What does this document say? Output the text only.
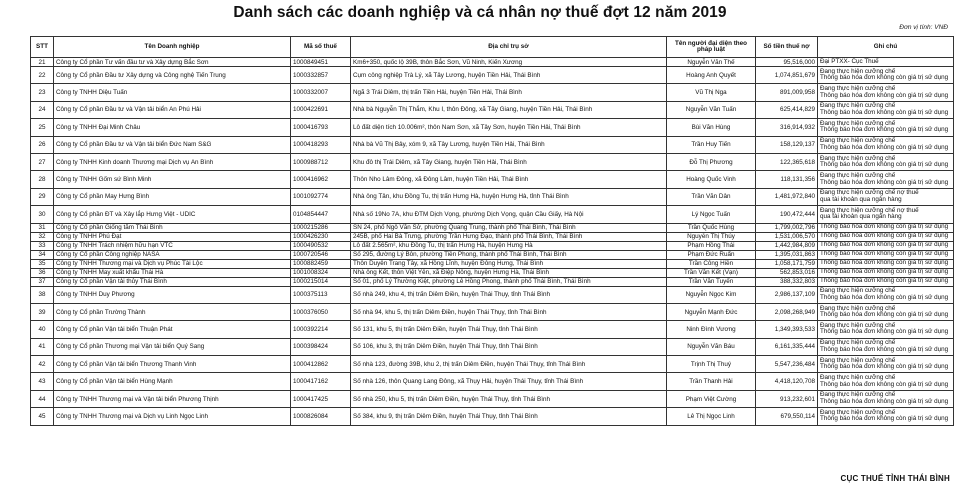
Danh sách các doanh nghiệp và cá nhân nợ thuế đợt 12 năm 2019
Đơn vị tính: VNĐ
STT	Tên Doanh nghiệp	Mã số thuế	Địa chỉ trụ sở	Tên người đại diện theo pháp luật	Số tiền thuế nợ	Ghi chú
21	Công ty Cổ phần Tư vấn đầu tư và Xây dựng Bắc Sơn	1000849451	Km6+350, quốc lộ 39B, thôn Bắc Sơn, Vũ Ninh, Kiến Xương	Nguyễn Văn Thế	95,516,000	Đại PTXX- Cục Thuế

22	Công ty Cổ phần Đầu tư Xây dựng và Công nghệ Tiến Trung	1000332857	Cụm công nghiệp Trà Lý, xã Tây Lương, huyện Tiền Hải, Thái Bình	Hoàng Anh Quyết	1,074,851,679	Đang thực hiện cưỡng chế
Thông báo hóa đơn không còn giá trị sử dụng

23	Công ty TNHH Diệu Tuấn	1000332007	Ngã 3 Trái Diêm, thị trấn Tiền Hải, huyện Tiền Hải, Thái Bình	Vũ Thị Nga	891,009,958	Đang thực hiện cưỡng chế
Thông báo hóa đơn không còn giá trị sử dụng

24	Công ty Cổ phần Đầu tư và Vận tải biển An Phú Hải	1000422691	Nhà bà Nguyễn Thị Thắm, Khu I, thôn Đông, xã Tây Giang, huyện Tiền Hải, Thái Bình	Nguyễn Văn Tuấn	625,414,829	Đang thực hiện cưỡng chế
Thông báo hóa đơn không còn giá trị sử dụng

25	Công ty TNHH Đại Minh Châu	1000416793	Lô đất diện tích 10.006m², thôn Nam Sơn, xã Tây Sơn, huyện Tiền Hải, Thái Bình	Bùi Văn Hùng	316,914,932	Đang thực hiện cưỡng chế
Thông báo hóa đơn không còn giá trị sử dụng

26	Công ty Cổ phần Đầu tư và Vận tải biển Đức Nam S&G	1000418293	Nhà bà Vũ Thị Bảy, xóm 9, xã Tây Lương, huyện Tiền Hải, Thái Bình	Trần Huy Tiến	158,129,137	Đang thực hiện cưỡng chế
Thông báo hóa đơn không còn giá trị sử dụng

27	Công ty TNHH Kinh doanh Thương mại Dịch vụ An Bình	1000988712	Khu đô thị Trái Diêm, xã Tây Giang, huyện Tiền Hải, Thái Bình	Đỗ Thị Phương	122,365,618	Đang thực hiện cưỡng chế
Thông báo hóa đơn không còn giá trị sử dụng

28	Công ty TNHH Gốm sứ Bình Minh	1000416962	Thôn Nho Lâm Đông, xã Đông Lâm, huyện Tiền Hải, Thái Bình	Hoàng Quốc Vinh	118,131,356	Đang thực hiện cưỡng chế
Thông báo hóa đơn không còn giá trị sử dụng

29	Công ty Cổ phần May Hưng Bình	1001092774	Nhà ông Tân, khu Đồng Tu, thị trấn Hưng Hà, huyện Hưng Hà, tỉnh Thái Bình	Trần Văn Dân	1,481,972,840	Đang thực hiện cưỡng chế nợ thuế
qua tài khoản qua ngân hàng

30	Công ty Cổ phần ĐT và Xây lắp Hưng Việt - UDIC	0104854447	Nhà số 19No 7A, khu ĐTM Dịch Vọng, phường Dịch Vọng, quận Cầu Giấy, Hà Nội	Lý Ngọc Tuấn	190,472,444	Đang thực hiện cưỡng chế nợ thuế
qua tài khoản qua ngân hàng

31	Công ty Cổ phần Giống tằm Thái Bình	1000215286	SN 24, phố Ngô Văn Sở, phường Quang Trung, thành phố Thái Bình, Thái Bình	Trần Quốc Hùng	1,799,002,796	Thông báo hóa đơn không còn giá trị sử dụng

32	Công ty TNHH Phú Đạt	1000426230	245B, phố Hai Bà Trưng, phường Trần Hưng Đạo, thành phố Thái Bình, Thái Bình	Nguyễn Thị Thúy	1,531,006,570	Thông báo hóa đơn không còn giá trị sử dụng

33	Công ty TNHH Trách nhiệm hữu hạn VTC	1000490532	Lô đất 2.565m², khu Đồng Tu, thị trấn Hưng Hà, huyện Hưng Hà	Phạm Hồng Thái	1,442,984,809	Thông báo hóa đơn không còn giá trị sử dụng

34	Công ty Cổ phần Công nghiệp NASA	1000720546	Số 295, đường Lý Bôn, phường Tiền Phong, thành phố Thái Bình, Thái Bình	Phạm Đức Ruẩn	1,395,031,863	Thông báo hóa đơn không còn giá trị sử dụng

35	Công ty TNHH Thương mại và Dịch vụ Phúc Tài Lộc	1000882459	Thôn Duyên Trang Tây, xã Hồng Lĩnh, huyện Đông Hưng, Thái Bình	Trần Công Hiền	1,058,171,759	Thông báo hóa đơn không còn giá trị sử dụng

36	Công ty TNHH May xuất khẩu Thái Hà	1001008324	Nhà ông Kết, thôn Việt Yên, xã Điệp Nông, huyện Hưng Hà, Thái Bình	Trần Văn Kết (Vạn)	562,853,016	Thông báo hóa đơn không còn giá trị sử dụng

37	Công ty Cổ phần Vận tải thủy Thái Bình	1000215014	Số 01, phố Lý Thường Kiệt, phường Lê Hồng Phong, thành phố Thái Bình, Thái Bình	Trần Văn Tuyến	388,332,803	Thông báo hóa đơn không còn giá trị sử dụng

38	Công ty TNHH Duy Phương	1000375113	Số nhà 249, khu 4, thị trấn Diêm Điền, huyện Thái Thụy, tỉnh Thái Bình	Nguyễn Ngọc Kim	2,986,137,109	Đang thực hiện cưỡng chế
Thông báo hóa đơn không còn giá trị sử dụng

39	Công ty Cổ phần Trường Thành	1000376050	Số nhà 94, khu 5, thị trấn Diêm Điền, huyện Thái Thụy, tỉnh Thái Bình	Nguyễn Mạnh Đức	2,098,268,949	Đang thực hiện cưỡng chế
Thông báo hóa đơn không còn giá trị sử dụng

40	Công ty Cổ phần Vận tải biển Thuận Phát	1000392214	Số 131, khu 5, thị trấn Diêm Điền, huyện Thái Thụy, tỉnh Thái Bình	Ninh Đình Vương	1,349,393,533	Đang thực hiện cưỡng chế
Thông báo hóa đơn không còn giá trị sử dụng

41	Công ty Cổ phần Thương mại Vận tải biển Quý Sang	1000398424	Số 106, khu 3, thị trấn Diêm Điền, huyện Thái Thụy, tỉnh Thái Bình	Nguyễn Văn Báu	6,161,335,444	Đang thực hiện cưỡng chế
Thông báo hóa đơn không còn giá trị sử dụng

42	Công ty Cổ phần Vận tải biển Thương Thanh Vinh	1000412862	Số nhà 123, đường 39B, khu 2, thị trấn Diêm Điền, huyện Thái Thụy, tỉnh Thái Bình	Trịnh Thị Thuý	5,547,236,484	Đang thực hiện cưỡng chế
Thông báo hóa đơn không còn giá trị sử dụng

43	Công ty Cổ phần Vận tải biển Hùng Mạnh	1000417162	Số nhà 126, thôn Quang Lang Đông, xã Thụy Hải, huyện Thái Thụy, tỉnh Thái Bình	Trần Thanh Hải	4,418,120,708	Đang thực hiện cưỡng chế
Thông báo hóa đơn không còn giá trị sử dụng

44	Công ty TNHH Thương mại và Vận tải biển Phương Thịnh	1000417425	Số nhà 250, khu 5, thị trấn Diêm Điền, huyện Thái Thụy, tỉnh Thái Bình	Phạm Việt Cường	913,232,601	Đang thực hiện cưỡng chế
Thông báo hóa đơn không còn giá trị sử dụng

45	Công ty TNHH Thương mại và Dịch vụ Linh Ngọc Linh	1000826084	Số 384, khu 9, thị trấn Diêm Điền, huyện Thái Thụy, tỉnh Thái Bình	Lê Thị Ngọc Linh	679,550,114	Đang thực hiện cưỡng chế
Thông báo hóa đơn không còn giá trị sử dụng
CỤC THUẾ TỈNH THÁI BÌNH
